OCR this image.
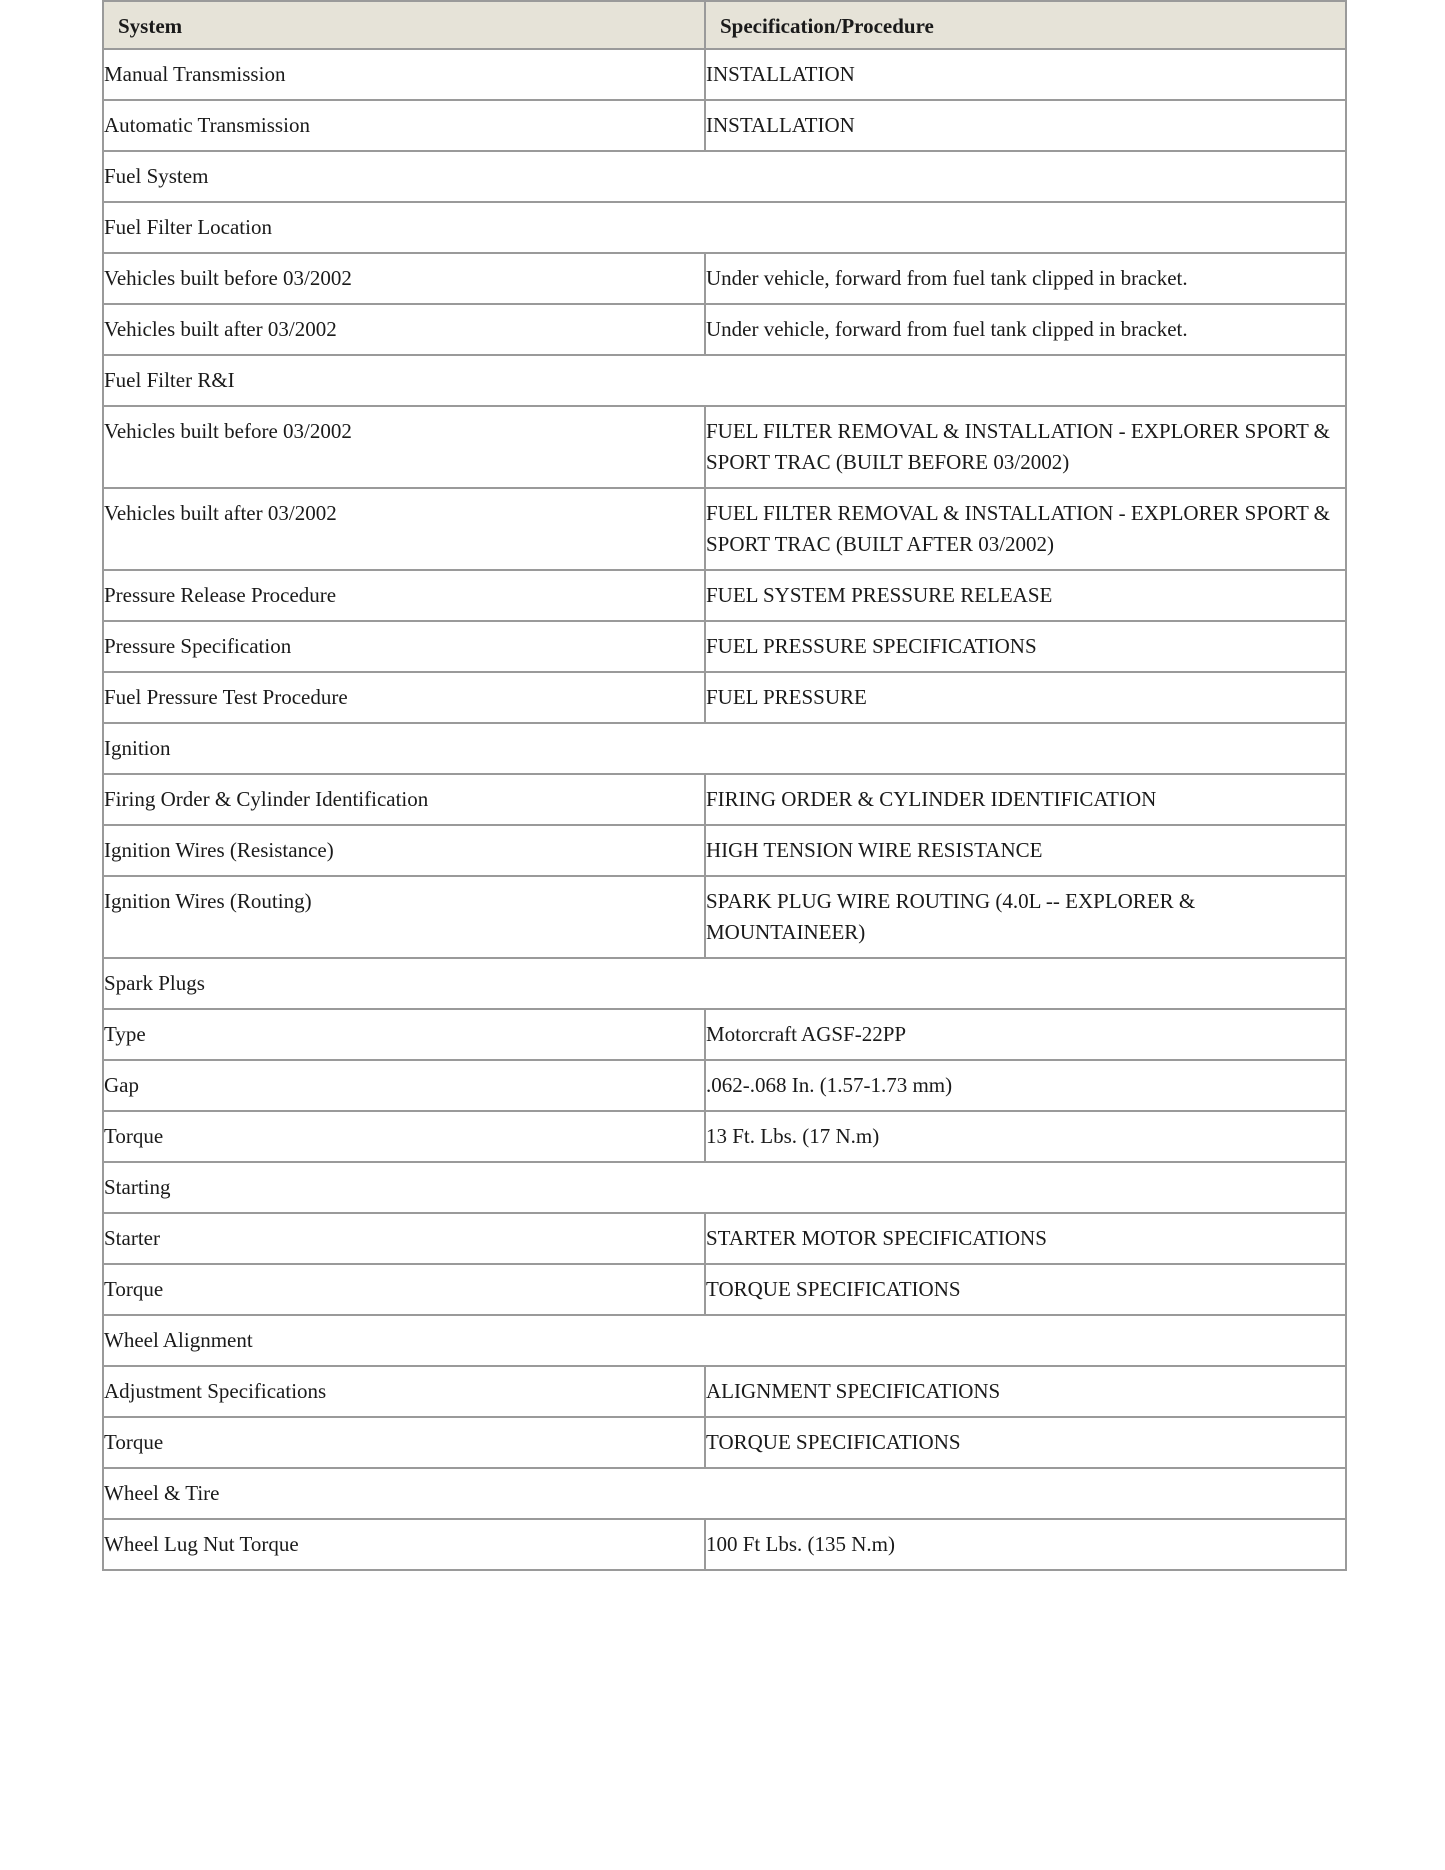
System	Specification/Procedure
Manual Transmission	INSTALLATION
Automatic Transmission	INSTALLATION
Fuel System	
Fuel Filter Location	
Vehicles built before 03/2002	Under vehicle, forward from fuel tank clipped in bracket.
Vehicles built after 03/2002	Under vehicle, forward from fuel tank clipped in bracket.
Fuel Filter R&I	
Vehicles built before 03/2002	FUEL FILTER REMOVAL & INSTALLATION - EXPLORER SPORT & SPORT TRAC (BUILT BEFORE 03/2002)
Vehicles built after 03/2002	FUEL FILTER REMOVAL & INSTALLATION - EXPLORER SPORT & SPORT TRAC (BUILT AFTER 03/2002)
Pressure Release Procedure	FUEL SYSTEM PRESSURE RELEASE
Pressure Specification	FUEL PRESSURE SPECIFICATIONS
Fuel Pressure Test Procedure	FUEL PRESSURE
Ignition	
Firing Order & Cylinder Identification	FIRING ORDER & CYLINDER IDENTIFICATION
Ignition Wires (Resistance)	HIGH TENSION WIRE RESISTANCE
Ignition Wires (Routing)	SPARK PLUG WIRE ROUTING (4.0L -- EXPLORER & MOUNTAINEER)
Spark Plugs	
Type	Motorcraft AGSF-22PP
Gap	.062-.068 In. (1.57-1.73 mm)
Torque	13 Ft. Lbs. (17 N.m)
Starting	
Starter	STARTER MOTOR SPECIFICATIONS
Torque	TORQUE SPECIFICATIONS
Wheel Alignment	
Adjustment Specifications	ALIGNMENT SPECIFICATIONS
Torque	TORQUE SPECIFICATIONS
Wheel & Tire	
Wheel Lug Nut Torque	100 Ft Lbs. (135 N.m)
